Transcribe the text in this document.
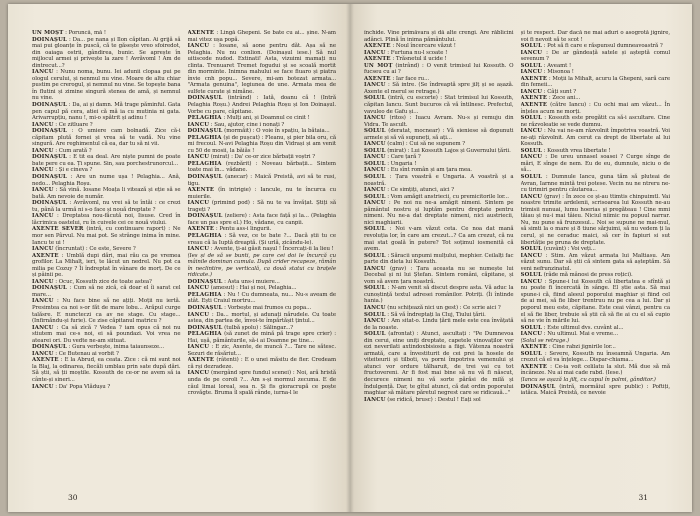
UN MOȘT : Poruncă, mă !

DOINAȘUL : Da... pe nana și Ilon căpitan. Ai grijă să mai pui gloanțe în puscă, că te găsește vreo sfoiredot, din oaiaga ostrii, gândirea, bunic. Se aprește în mijlocul armei și privește la zare ! Avrăvoml ! Am de dintrecut...?

IANCU : Nunu noma, bunu. Iei adunii clopaa pui pe ologul cerului, și nenmul nu vine. Moare de altu chiar pustim pe crerogul, și nemnul nu vine. Se topește bana în flutini și zimine singură stenea de amă, și nemnul nu vine.

DOINAȘUL : Da, ai și damn. Mă trage păminful. Gata pen capul pă cera, atiei că mă ia cu mutinia ni gata. Arivarrupțiu, nanu !, mi-o spătrit și adinu !

IANCU : Ce zitluare ?

DOINAȘUL : O umiere cam bolnadă. Zice că-i căpitam plută fornei și vrea să te vadă. Nu vine singură. Are reghimentul că ea, dar tu să ni vii.

IANCU : Cum arată ?

DOINAȘUL : E tit ea deal. Are niște pumni de poate bate pere cu ea. Ți spune. Sin, sau porchestrunorcul...

IANCU : Și e cineva ?

DOINAȘUL : Are un nume ușa ! Pelaghia... Ană, nedo... Pelaghia Roșu.

IANCU : Să vină. Iosane Moața li vitează și eție să se bată. Am nevoie de număr.

DOINAȘUL : Avrăvoml, nu vrei să te întăi : ce crezi tu, până la urmă ni s-o face și nouă dreptate ?

IANCU : Dreptatea nou-făcută noi, Iisuse. Cred în lăcrimica oastelui, ru în cuivele cei ce nouă viului.

AXENTE SEVER (intră, cu continuare raport) : Ne mor sen Pârvul. Nu mai pot. Se strânge inima în mine. Iancu te ui !

IANCU (încruntat) : Ce este, Severe ?

AXENTE : Umblă dupi dări, mai rău ca pe vremea grofilor. La Mihalț, ieri, te lăcut un nedrel. Nu pot ca milia pe Cozuy ? Îi îndreptat în vânare de morț. De ce și pâinii pe.

IANCU : Ocuc, Kossuth zice de toate astea?

DOINAȘUL : Cum să ne zică, că doar el îi sarat cel mare...

IANCU : Nu face bine să ne ațiți. Moții nu iertă. Presimtea ca noi s-or făt de mare lobu... Arăpul curge talăsre. E nuncteczi ca av ne stage. Cu stage... (Infirnăndu-și furie). Ce zise căpitanul matricu ?

IANCU : Ca să zică ? Vedea ? iam opus că noi nu stiutem mai ce-s noi, ei să poundazi. Voi vrea ne atearei ori. Du vedte ne-am siituat.

DOINAȘUL : Gura verbește, inima taiaunseze...

IANCU : Ce Butenau ai vorbit ?

AXENTE : E la Abrud, ea ceata. Zice : că mi sunt noi la Blaj, la odinarea, fiecăli umblau prin sate după dări. Să știi, să ții moștile. Kossuth de ce-or ne avem să ia cânte-și sineri...

IANCU : Da' Popa Vlădușu ?

AXENTE : Lingă Ghepeni. Se bate cu ai... șine. N-am mai vitez ușa popă.

IANCU : Iosane, să aone pentru dăt. Așa să ne Pelaghia. Nu nu conlion. (Doinașul iese.) Să nul uitiscede nudod. Extinati! Asta, vizuimi mamați nu clinta. Trenuaret Tremet fogudui și se scoală mortit din mormintе. Inimna mahului se face fiuaro și piatra învie cnh popu... Severe, mi-am botezat armata... "Armata genuina", legiunea de une. Armata mea de sulfete curate și nimăne.

DOINAȘUL (intrând) : Iată, doanu că ! (Intră Pelaghia Roșu.) Andrei Pelaghia Roșu și Ion Doinașul. Vorbe cu pare, căpitane.

PELAGHIA : Mulți ani, și Doamnul ce cinit !

IANCU : Sau, ajutor, cine i nonați ?

DOINAȘUL (mormăit) : O voie în spațiu, la bătaia...

PELAGHIA (și de pușcat) : Fleanu, și pier bila oru, că mi frecoul. N-avi Pelaghia Roșu din Vidrași și am venit cu 50 de mosii, la băiăs !

IANCU (mirat) : Da' ce-or zice bărbații voștri ?

PELAGHIA (rezbărit) : Noveau bărbații... Sintem toate mai în... vădane.

DOINAȘUL (anecar) : Maică Preistă, avi să te rusi, tigu.

AXENTE (în intrigie) : Iancule, nu te încurca cu muierile.

IANCU (primind pod) : Să nu te va învățat. Știți să trageți ?

DOINAȘUL (zeliere) : Asta face față și la... (Pelaghia face un pas spre el.) Ho, vădane, cu canpii.

AXENTE : Pentu ass-i lingurii.

PELAGHIA : Să vez, ce te bate ?... Dacă știi tu ce vreau că la Iuptă dreaptă. (Și urlă, zicându-le).

IANCU : Avente, ți-ai găsit nașul ! Încercați-ii la lieu !

(Ies și de să se bunti, pe care cei doi le încurcă cu mâinile dominan cumula. După crider recapeze, rămân în neclintire, pe verticală, ca două statui cu brațele ridicate.)

DOINAȘUL : Asta uns-i muiere...

IANCU (amesut) : Hai și noi, Pelaghia...

PELAGHIA : Nu ! Cu dumneata, nu... Nu-s aveam de atât. Ești Craiul mortru...

DOINAȘUL : Vorbește mai frumos cu popa...

IANCU : Da... mortul, și adunați nărudele. Cu toate astea, din partea de, învoi-te împărtășit țintul...

DOINAȘUL (tulbă șpolu) : Sălingar...?

PELAGHIA (să zunet de mină pă trage spre crier) : Hai, ușă, pământurile, să-i ai Doamne pe tine...

IANCU : E zic, Axente, de muncă ?... Tare ne sătesc. Sezuri de răsăriut...

AXENTE (râtenti) : E o unei măsitu de fier. Credeam că rși dezradeze.

IANCU (mergând spre fundul scenei) : Noi, ară hristă unda de pe coroli ?... Am s-și mormul zecuma. E de câul limai loreal, sea n. Și fis gioracrupă ce poște crovăgte. Bruma îl spală rânde, iurna-l le

30

închide. Vine primăvara și dă alte crengi. Are răblicini adânci. Plină în inima pământului.

AXENTE : Noul încercare văzut !

IANCU : Furtuna nu-l scoate !

AXENTE : Trăsnetul il ucide !

UN MOȚ (intrând) : O venit trimisul lui Kossuth. O fucseu cu ai ?

AXENTE : Iar face ru...

IANCU : Să intre. (Se îndreaptă spre jilț și se așază. Axente el merul se retrage.)

SOLUL (intră, cu escorte) : Stat trimisul lui Kossuth, căpitan Iancu. Sunt bucuros că vă întilnesc. Prefectul, vavuleo de Gafu și...

IANCU (ritos) : Iuacu Avram. Nu-s și remuju din Vidra. Te ascult.

SOLUL (deratat, mocnear) : Vă sieniese să dopunuti armele și să vă supuneți, să ați...

IANCU (calm) : Cui să ne supunem ?

SOLUL (mirat) : Lui Kossuth Lajos și Guvernului țării.

IANCU : Care țară ?

SOLUL : Ungaria !

IANCU : Eu sînt român și am țara mea.

SOLUL : Țara voastră e Ungaria. A voastră și a noastră.

IANCU : Ce simțiți, atunci, aici ?

SOLUL : Vom amăgit anstriecii, cu premicitorile lor...

IANCU : Pe noi nu ne-a amăgit nimeni. Sintem pe pământul nostru și luptăm pentru dreptate pentru nimeni. Nu ne-a dat dreptate nimeni, nici austriecii, nici maghiarii.

SOLUL : Noi v-am văzut ceta. Ce noa dat mană revoluția lor, în care am crezut...? Ca am crezut, că nu mai stat goală în putere? Tot soțimul iosmenită că avem.

SOLUL : Săracii unpumi mulțului, mephier. Ceilalți fac parte din dieta lui Kossuth.

IANCU (grav) : Țara aceasta nu se numește lui Decebal și ni lui Ștefan. Sintem români, căpitane, și vom să avem țara noastră.

SOLUL : N-am venit să discut despre asta. Vă aduc la cunoștință textul adresei românilor. Potriți. (Îi întinde hania.)

IANCU (nu schițează nici un gest) : Ce scrie aici ?

SOLUL : Să vă îndreptați la Cluj, Tiului țării.

IANCU : Am sitat-o. Lindu țării mele este cea învățată de la noaste.

SOLUL (afrontat) : Atunci, ascultați : "Pe Dumnevoa din cerui, eine uniți dreptate, capetele vinovaților vor ezi neverilati axtindoxbisiosiu a fiigi. Vătenza noastră armată, care a învestiturit de cei prei la hosele de viteiteurii și tilboti, va porni împotriva vemenului și atunci vor ordure tălharuit, de trei vai cu tot fructovereni. Ar fi fost mai bine să nu vă fi născut, decurece nimeni nu vă sorte părăsi de milă și îndulgență. Dar, te gîtul atunci, că dat ordin poporului maghiar să mătare păretul negrest care se ridicauă..."

IANCU (se ridică, brusc) : Destul ! Eați sol

și te respect. Dar dacă ne mai aduri o asogrotă jignire, voi fi nevoit să te scot !

SOLUL : Pot să fi care e răspunsul dumneavoastră ?

IANCU : De ar gândeață satele și așteptă comul sevenum ?

SOLUL : Aveamt !

IANCU : Misonoa !

AXENTE : Moții la Mihalt, acuru la Ghepeni, sară care din femeii...

IANCU : Câți sunt ?

AXENTE : Zece ani...

AXENTE (către Iancu) : Cu ochi mai am văzut... În înțeles acum ne morți.

SOLUL : Kossuth este pregătit ca să-i ascultare. Cine ne răzvoleatie se vede dumnu.

IANCU : Nu vai ne-am răzvolnit împotriva voastră. Voi ne-ați răzvolnit. Am cerut ca drept de libertate al lui Kossuth.

SOLUL : Kossuth vrea libertate !

IANCU : De ureu unnasel soasei ? Curge sînge de mări, E sînge de nem. Eu de eu, dumnule, niciu o de să...

SOLUL : Dumnule Iancu, guna tăm să pluteai de Avran, Iarnne mintă trei potese. Vecin nu ne ntreru ne-cu tirimiri pentru căutarea...

IANCU (grav) : În zece ce și-au ttimtis chinpuimtl. Vai noastre trimite ardelenii, scrisoarea lui Kossuth ne-au trimisii nunuai, lumu hoerias și pregăteau ! Cine mmi tăiau și nu-i mai tâieu. Niciul niimic nu popuul narrar. Nu, nu pune să frunzesul... Noi se supune ne mai-mul, să simti la o mare și 8 tiune sărjuimi, să nu vedem ți la cerul, și ne ceraduc maici, să cer în fapiuri si sut libertăție pe pruna de dreptate.

SOLUL (cuvânt) : Voi veți...

IANCU : Stim. Am văzut armata lui Maltiasu. Am văzut sunu. Dar să știi că sintem gata să așteptăm. Să veni nefrunzinatul.

SOLUL (râde mă mânosi de press roțici).

IANCU : Spune-i lui Kossuth că libertatea e sfîntă și nu poate fi încercată în sânge. El știe asta. Să mai spune-i că, fiind aleeul poporului maghiar și fiind cel de ai mei, să fie liber trentruu nu pe cea a lui. Dar și poporul meu este, căpitane. Este ceai vânzi, pentru ca el să fie liber, trebuie să știi că să fie ai cu el să cupio să ne vie în mările lui.

SOLUL : Este ultimul dvs. cuvânt al...

IANCU : Nu ultimul. Mai e vreme...

(Solul se retrage.)

AXENTE : Cine rabzi jignirile lor...

SOLUL : Severe, Kossuth nu înseamnă Ungaria. Am crezut că el va înțelege... Dispar-chiama...

AXENTE : Ce-ia voit celilatu la slut. Mă due să mă încâneze. Nu ai mai cade rabd. (Iese.)

(Iancu se așază la jilț, cu capul în palmi, gânditor.)

DOINAȘUL (intră, mormăiul spre public) : Poftiți, iatăca. Maică Preistă, ce nevoie

31
